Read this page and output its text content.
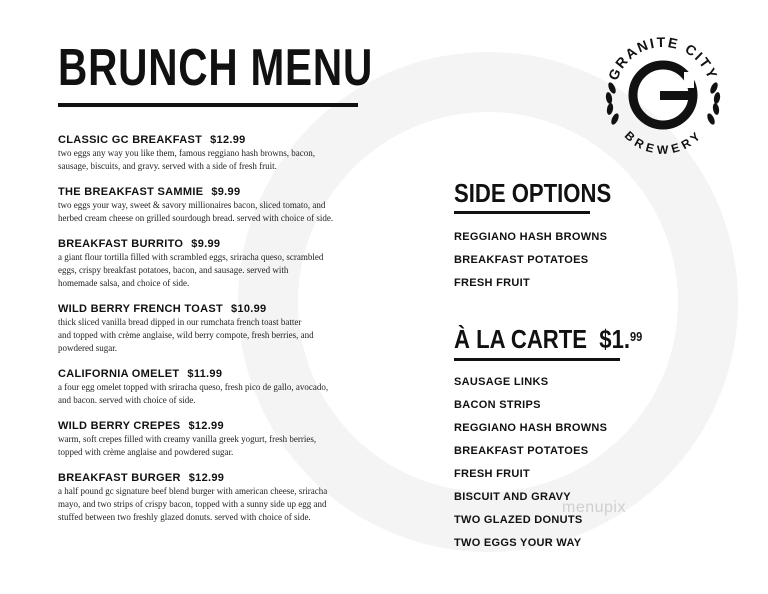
BRUNCH MENU
CLASSIC GC BREAKFAST $12.99
two eggs any way you like them, famous reggiano hash browns, bacon,
sausage, biscuits, and gravy. served with a side of fresh fruit.
THE BREAKFAST SAMMIE $9.99
two eggs your way, sweet & savory millionaires bacon, sliced tomato, and
herbed cream cheese on grilled sourdough bread. served with choice of side.
BREAKFAST BURRITO $9.99
a giant flour tortilla filled with scrambled eggs, sriracha queso, scrambled
eggs, crispy breakfast potatoes, bacon, and sausage. served with
homemade salsa, and choice of side.
WILD BERRY FRENCH TOAST $10.99
thick sliced vanilla bread dipped in our rumchata french toast batter
and topped with crème anglaise, wild berry compote, fresh berries, and
powdered sugar.
CALIFORNIA OMELET $11.99
a four egg omelet topped with sriracha queso, fresh pico de gallo, avocado,
and bacon. served with choice of side.
WILD BERRY CREPES $12.99
warm, soft crepes filled with creamy vanilla greek yogurt, fresh berries,
topped with crème anglaise and powdered sugar.
BREAKFAST BURGER $12.99
a half pound gc signature beef blend burger with american cheese, sriracha
mayo, and two strips of crispy bacon, topped with a sunny side up egg and
stuffed between two freshly glazed donuts. served with choice of side.
SIDE OPTIONS
REGGIANO HASH BROWNS
BREAKFAST POTATOES
FRESH FRUIT
À LA CARTE $1.99
SAUSAGE LINKS
BACON STRIPS
REGGIANO HASH BROWNS
BREAKFAST POTATOES
FRESH FRUIT
BISCUIT AND GRAVY
TWO GLAZED DONUTS
TWO EGGS YOUR WAY
GRANITE CITY
BREWERY
menupix
